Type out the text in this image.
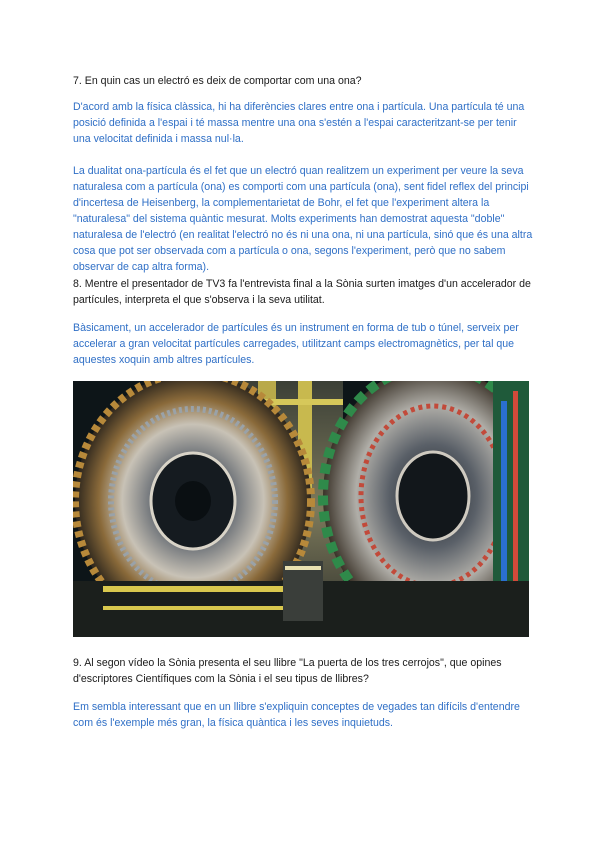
7. En quin cas un electró es deix de comportar com una ona?

D'acord amb la física clàssica, hi ha diferències clares entre ona i partícula. Una partícula té una posició definida a l'espai i té massa mentre una ona s'estén a l'espai caracteritzant-se per tenir una velocitat definida i massa nul·la.

La dualitat ona-partícula és el fet que un electró quan realitzem un experiment per veure la seva naturalesa com a partícula (ona) es comporti com una partícula (ona), sent fidel reflex del principi d'incertesa de Heisenberg, la complementarietat de Bohr, el fet que l'experiment altera la "naturalesa" del sistema quàntic mesurat. Molts experiments han demostrat aquesta "doble" naturalesa de l'electró (en realitat l'electró no és ni una ona, ni una partícula, sinó que és una altra cosa que pot ser observada com a partícula o ona, segons l'experiment, però que no sabem observar de cap altra forma).

8. Mentre el presentador de TV3 fa l'entrevista final a la Sònia surten imatges d'un accelerador de partícules, interpreta el que s'observa i la seva utilitat.

Bàsicament, un accelerador de partícules és un instrument en forma de tub o túnel, serveix per accelerar a gran velocitat partícules carregades, utilitzant camps electromagnètics, per tal que aquestes xoquin amb altres partícules.

9. Al segon vídeo la Sònia presenta el seu llibre "La puerta de los tres cerrojos", que opines d'escriptores Científiques com la Sònia i el seu tipus de llibres?

Em sembla interessant que en un llibre s'expliquin conceptes de vegades tan difícils d'entendre com és l'exemple més gran, la física quàntica i les seves inquietuds.
